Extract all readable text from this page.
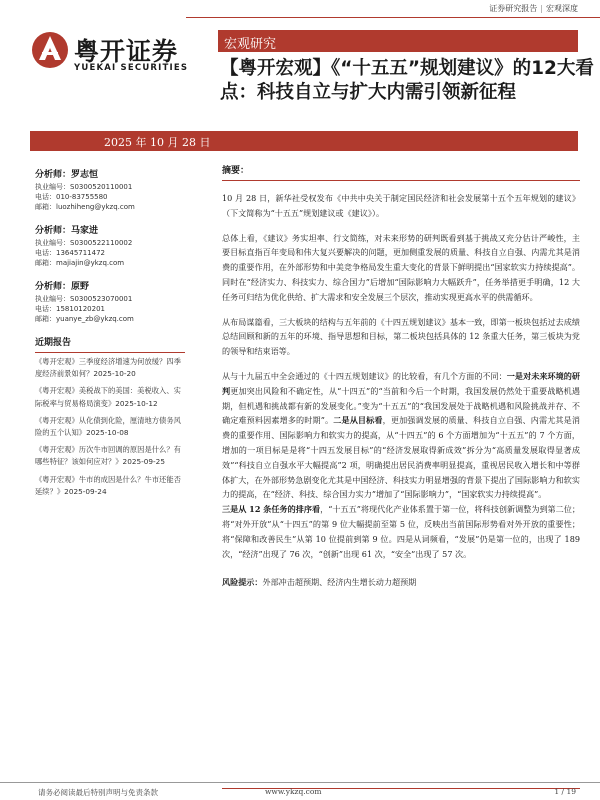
证券研究报告 | 宏观深度
粤开证券
YUEKAI SECURITIES
宏观研究
【粤开宏观】《“十五五”规划建议》的12大看点：科技自立与扩大内需引领新征程
2025 年 10 月 28 日
分析师：罗志恒
执业编号：S0300520110001
电话：010-83755580
邮箱：luozhiheng@ykzq.com
分析师：马家进
执业编号：S0300522110002
电话：13645711472
邮箱：majiajin@ykzq.com
分析师：原野
执业编号：S0300523070001
电话：15810120201
邮箱：yuanye_zb@ykzq.com
近期报告
《粤开宏观》三季度经济增速为何放缓？四季度经济前景如何？2025-10-20
《粤开宏观》美税战下的美国：美税收入、实际税率与贸易格局演变》2025-10-12
《粤开宏观》从化债到化险，厘清地方债务风险的五个认知》2025-10-08
《粤开宏观》历次牛市回调的原因是什么？有哪些特征？该如何应对？》2025-09-25
《粤开宏观》牛市的成因是什么？牛市还能否延续？》2025-09-24
摘要：

10 月 28 日，新华社受权发布《中共中央关于制定国民经济和社会发展第十五个五年规划的建议》（下文简称为“十五五”规划建议或《建议》）。

总体上看，《建议》务实坦率、行文简练，对未来形势的研判既看到基于挑战又充分估计严峻性，主要目标直指百年变局和伟大复兴要解决的问题，更加侧重发展的质量、科技自立自强、内需尤其是消费的重要作用，在外部形势和中美竞争格局发生重大变化的背景下鲜明提出“国家软实力持续提高”。同时在“经济实力、科技实力、综合国力”后增加“国际影响力大幅跃升”，任务举措更手明确，12 大任务可归结为优化供给、扩大需求和安全发展三个层次，推动实现更高水平的供需循环。

从布局谋篇看，三大板块的结构与五年前的《十四五规划建议》基本一致，即第一板块包括过去成绩总结回顾和新的五年的环境、指导思想和目标，第二板块包括具体的 12 条重大任务，第三板块为党的领导和结束语等。

从与十九届五中全会通过的《十四五规划建议》的比较看，有几个方面的不同：一是对未来环境的研判更加突出风险和不确定性，从“十四五”的“当前和今后一个时期，我国发展仍然处于重要战略机遇期，但机遇和挑战都有新的发展变化。”变为“十五五”的“我国发展处于战略机遇和风险挑战并存、不确定难预料因素增多的时期”。二是从目标看，更加强调发展的质量、科技自立自强、内需尤其是消费的重要作用、国际影响力和软实力的提高，从“十四五”的 6 个方面增加为“十五五”的 7 个方面，增加的一项目标是是将“十四五发展目标”的“经济发展取得新成效”拆分为“高质量发展取得显著成效”“科技自立自强水平大幅提高”2 项，明确提出居民消费率明显提高，重视居民收入增长和中等群体扩大，在外部形势急剧变化尤其是中国经济、科技实力明显增强的背景下提出了国际影响力和软实力的提高，在“经济、科技、综合国力实力”增加了“国际影响力”，“国家软实力持续提高”。
三是从 12 条任务的排序看，“十五五”将现代化产业体系置于第一位，将科技创新调整为到第二位；将“对外开放”从“十四五”的第 9 位大幅提前至第 5 位，反映出当前国际形势看对外开放的重要性；将“保障和改善民生”从第 10 位提前到第 9 位。四是从词频看，“发展”仍是第一位的，出现了 189 次，“经济”出现了 76 次，“创新”出现 61 次，“安全”出现了 57 次。

风险提示：外部冲击超预期、经济内生增长动力超预期
请务必阅读最后特别声明与免责条款	www.ykzq.com	1 / 19
